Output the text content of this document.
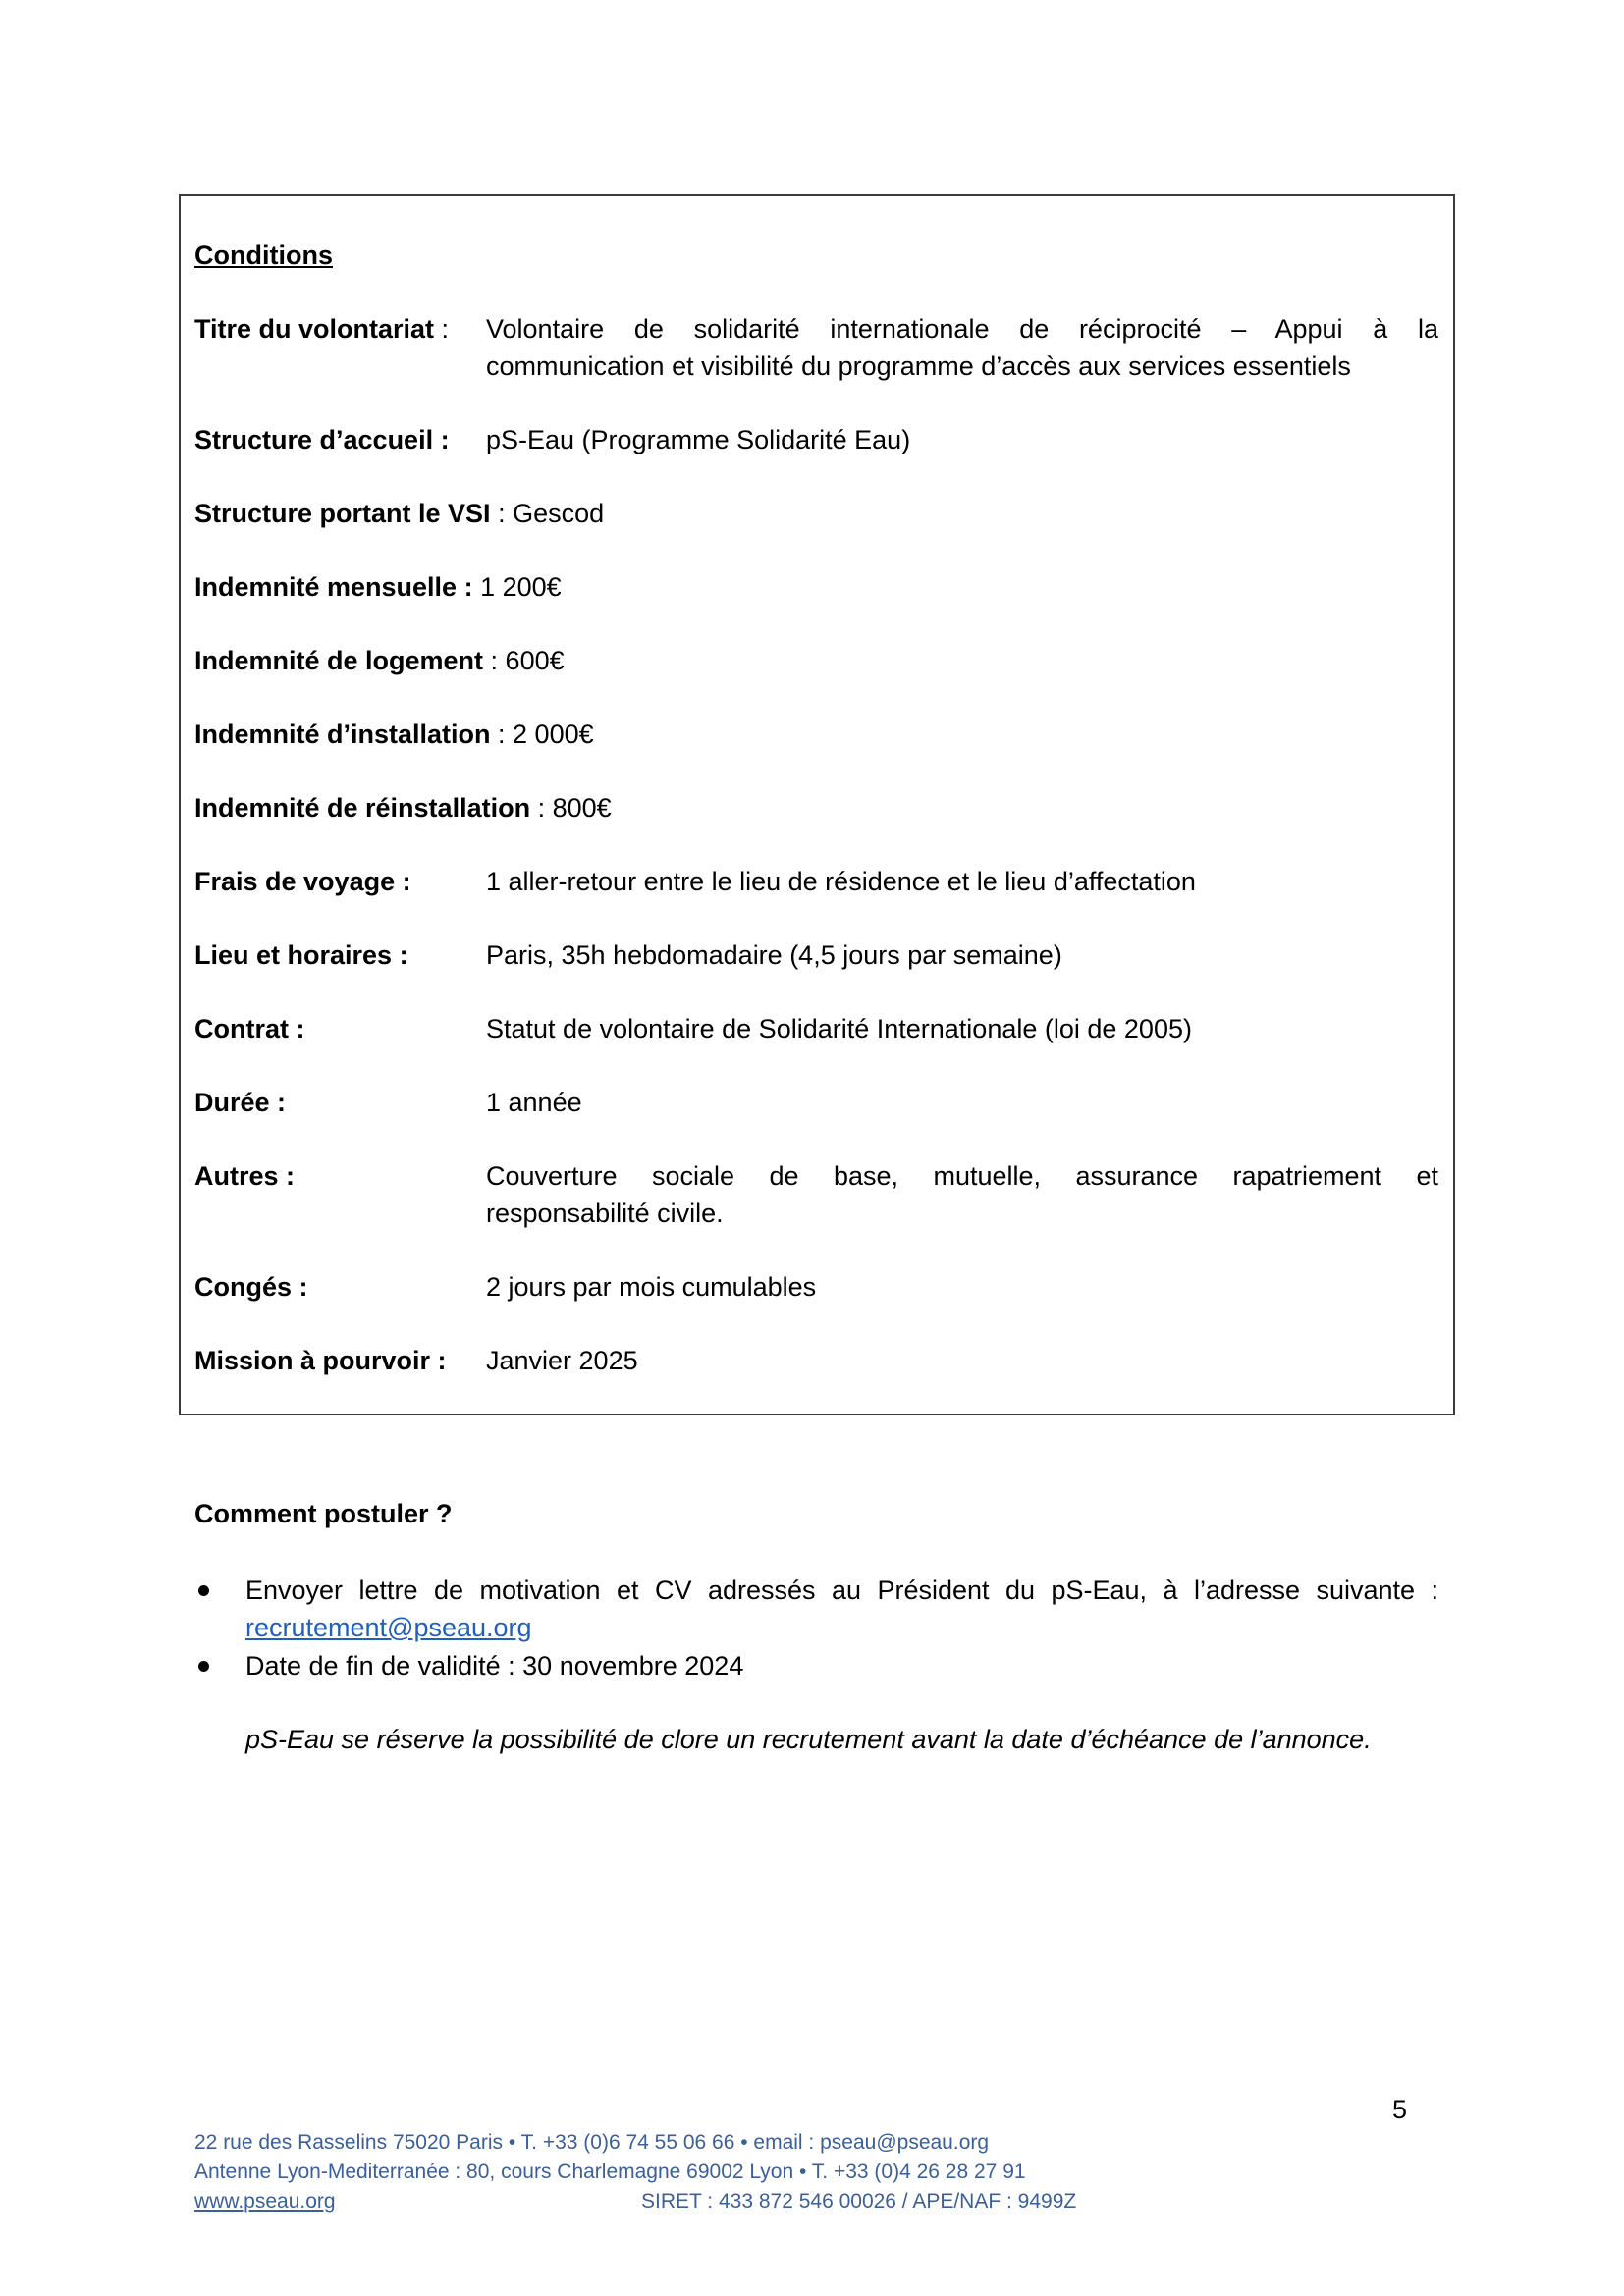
Conditions
Titre du volontariat : Volontaire de solidarité internationale de réciprocité – Appui à la
communication et visibilité du programme d’accès aux services essentiels
Structure d’accueil : pS-Eau (Programme Solidarité Eau)
Structure portant le VSI : Gescod
Indemnité mensuelle : 1 200€
Indemnité de logement : 600€
Indemnité d’installation : 2 000€
Indemnité de réinstallation : 800€
Frais de voyage :	1 aller-retour entre le lieu de résidence et le lieu d’affectation
Lieu et horaires :	Paris, 35h hebdomadaire (4,5 jours par semaine)
Contrat :	Statut de volontaire de Solidarité Internationale (loi de 2005)
Durée :	1 année
Autres :	Couverture sociale de base, mutuelle, assurance rapatriement et
responsabilité civile.
Congés :	2 jours par mois cumulables
Mission à pourvoir : Janvier 2025
Comment postuler ?
Envoyer lettre de motivation et CV adressés au Président du pS-Eau, à l’adresse suivante :
recrutement@pseau.org
Date de fin de validité : 30 novembre 2024
pS-Eau se réserve la possibilité de clore un recrutement avant la date d’échéance de l’annonce.
5
22 rue des Rasselins 75020 Paris • T. +33 (0)6 74 55 06 66 • email : pseau@pseau.org
Antenne Lyon-Mediterranée : 80, cours Charlemagne 69002 Lyon • T. +33 (0)4 26 28 27 91
www.pseau.org	SIRET : 433 872 546 00026 / APE/NAF : 9499Z
